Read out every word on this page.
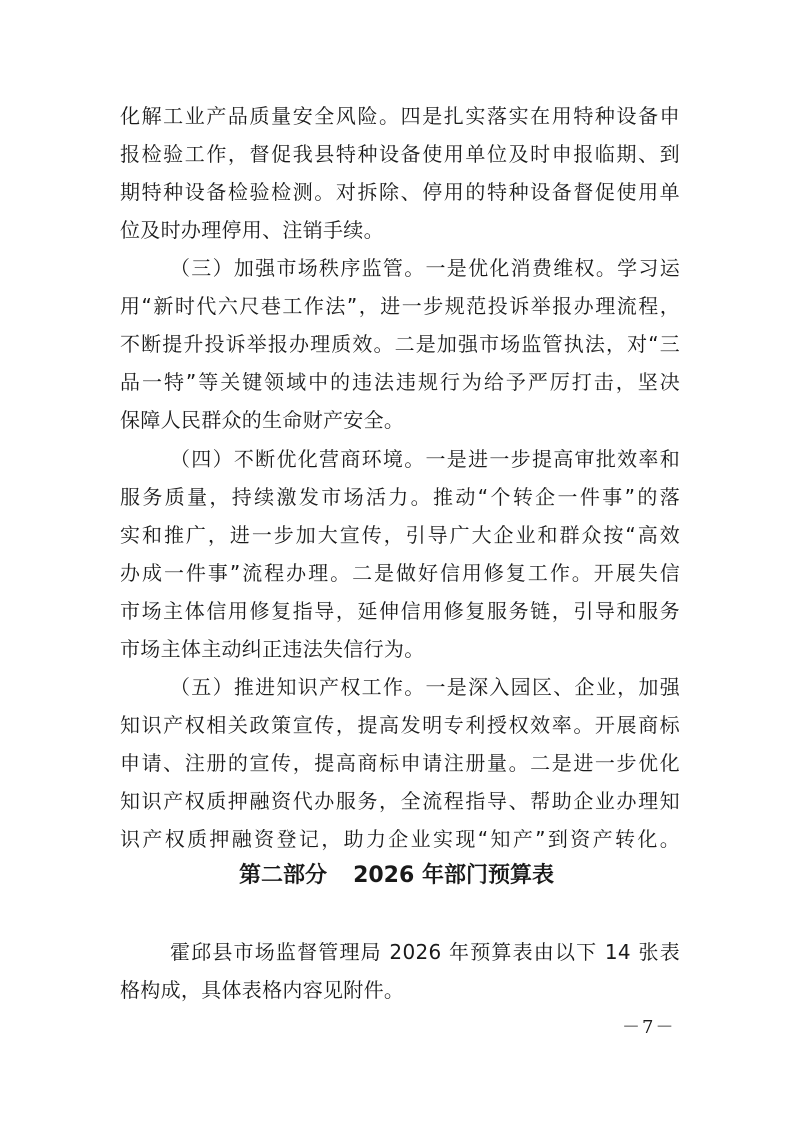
化解工业产品质量安全风险。四是扎实落实在用特种设备申
报检验工作，督促我县特种设备使用单位及时申报临期、到
期特种设备检验检测。对拆除、停用的特种设备督促使用单
位及时办理停用、注销手续。
（三）加强市场秩序监管。一是优化消费维权。学习运
用“新时代六尺巷工作法”，进一步规范投诉举报办理流程，
不断提升投诉举报办理质效。二是加强市场监管执法，对“三
品一特”等关键领域中的违法违规行为给予严厉打击，坚决
保障人民群众的生命财产安全。
（四）不断优化营商环境。一是进一步提高审批效率和
服务质量，持续激发市场活力。推动“个转企一件事”的落
实和推广，进一步加大宣传，引导广大企业和群众按“高效
办成一件事”流程办理。二是做好信用修复工作。开展失信
市场主体信用修复指导，延伸信用修复服务链，引导和服务
市场主体主动纠正违法失信行为。
（五）推进知识产权工作。一是深入园区、企业，加强
知识产权相关政策宣传，提高发明专利授权效率。开展商标
申请、注册的宣传，提高商标申请注册量。二是进一步优化
知识产权质押融资代办服务，全流程指导、帮助企业办理知
识产权质押融资登记，助力企业实现“知产”到资产转化。
第二部分 2026 年部门预算表
霍邱县市场监督管理局 2026 年预算表由以下 14 张表
格构成，具体表格内容见附件。
－7－
